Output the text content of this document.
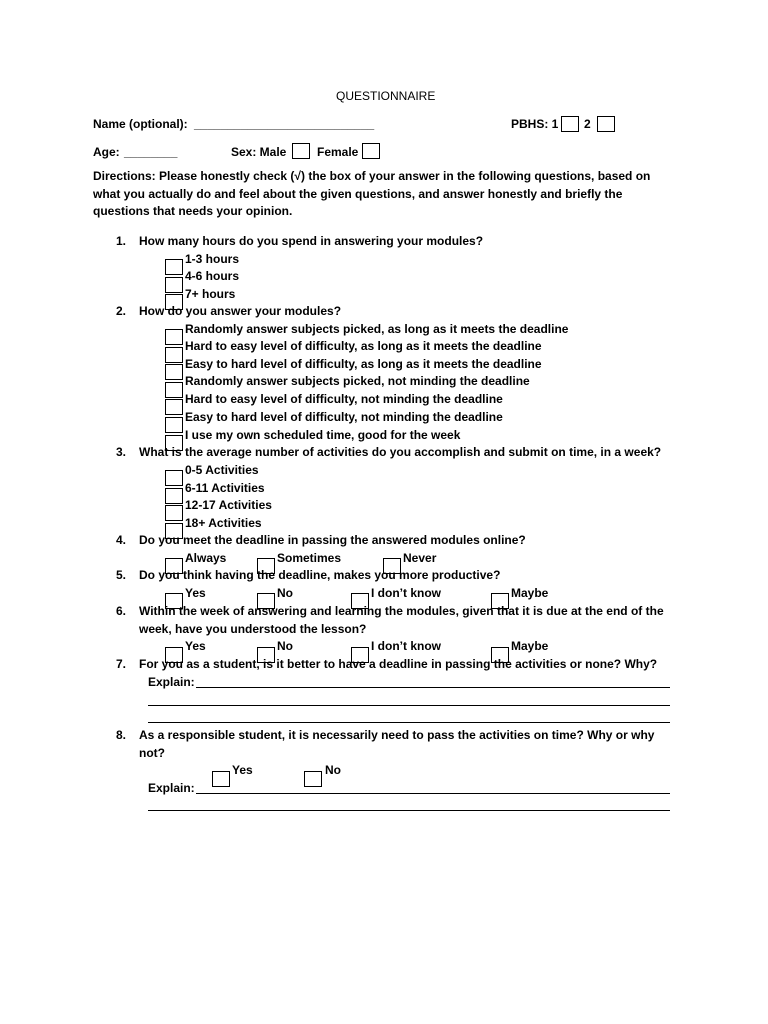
QUESTIONNAIRE
Name (optional): ___________________________	PBHS: 1 2
Age: ________	Sex: Male	Female
Directions: Please honestly check (√) the box of your answer in the following questions, based on what you actually do and feel about the given questions, and answer honestly and briefly the questions that needs your opinion.
1. How many hours do you spend in answering your modules?
1-3 hours
4-6 hours
7+ hours
2. How do you answer your modules?
Randomly answer subjects picked, as long as it meets the deadline
Hard to easy level of difficulty, as long as it meets the deadline
Easy to hard level of difficulty, as long as it meets the deadline
Randomly answer subjects picked, not minding the deadline
Hard to easy level of difficulty, not minding the deadline
Easy to hard level of difficulty, not minding the deadline
I use my own scheduled time, good for the week
3. What is the average number of activities do you accomplish and submit on time, in a week?
0-5 Activities
6-11 Activities
12-17 Activities
18+ Activities
4. Do you meet the deadline in passing the answered modules online?
Always	Sometimes	Never
5. Do you think having the deadline, makes you more productive?
Yes	No	I don’t know	Maybe
6. Within the week of answering and learning the modules, given that it is due at the end of the week, have you understood the lesson?
Yes	No	I don’t know	Maybe
7. For you as a student, is it better to have a deadline in passing the activities or none? Why?
Explain:
8. As a responsible student, it is necessarily need to pass the activities on time? Why or why not?
Yes	No
Explain:
